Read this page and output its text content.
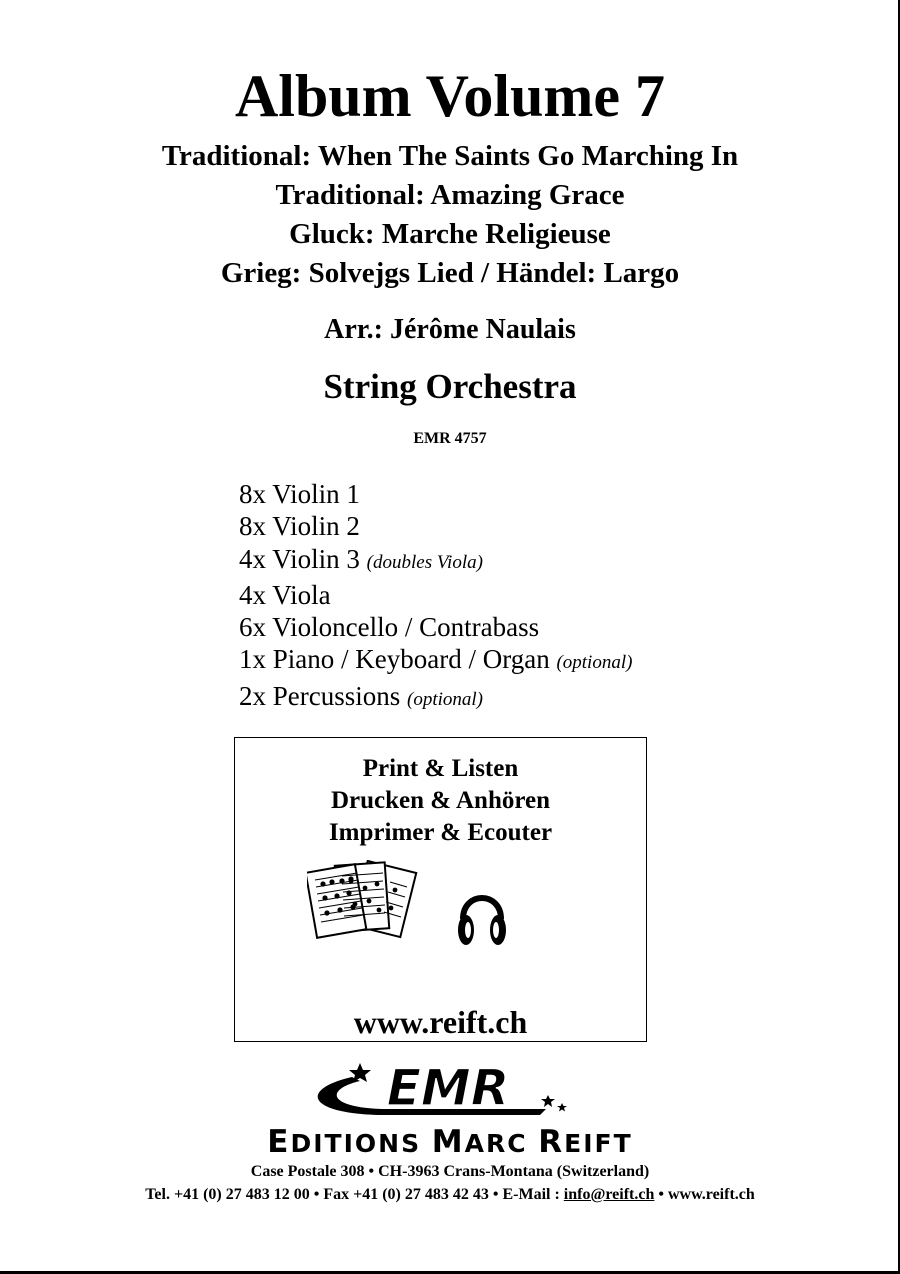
Album Volume 7
Traditional: When The Saints Go Marching In
Traditional: Amazing Grace
Gluck: Marche Religieuse
Grieg: Solvejgs Lied / Händel: Largo
Arr.: Jérôme Naulais
String Orchestra
EMR 4757
8x Violin 1
8x Violin 2
4x Violin 3 (doubles Viola)
4x Viola
6x Violoncello / Contrabass
1x Piano / Keyboard / Organ (optional)
2x Percussions (optional)
Print & Listen
Drucken & Anhören
Imprimer & Ecouter
www.reift.ch
EMR
EDITIONS MARC REIFT
Case Postale 308 • CH-3963 Crans-Montana (Switzerland)
Tel. +41 (0) 27 483 12 00 • Fax +41 (0) 27 483 42 43 • E-Mail : info@reift.ch • www.reift.ch
